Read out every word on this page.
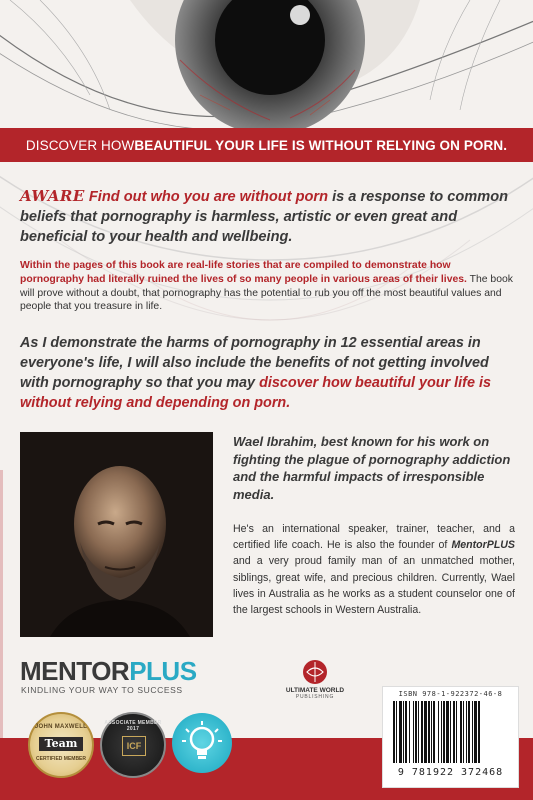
DISCOVER HOW BEAUTIFUL YOUR LIFE IS WITHOUT RELYING ON PORN.
AWARE Find out who you are without porn is a response to common beliefs that pornography is harmless, artistic or even great and beneficial to your health and wellbeing.
Within the pages of this book are real-life stories that are compiled to demonstrate how pornography had literally ruined the lives of so many people in various areas of their lives. The book will prove without a doubt, that pornography has the potential to rub you off the most beautiful values and people that you treasure in life.
As I demonstrate the harms of pornography in 12 essential areas in everyone's life, I will also include the benefits of not getting involved with pornography so that you may discover how beautiful your life is without relying and depending on porn.
Wael Ibrahim, best known for his work on fighting the plague of pornography addiction and the harmful impacts of irresponsible media.
He's an international speaker, trainer, teacher, and a certified life coach. He is also the founder of MentorPLUS and a very proud family man of an unmatched mother, siblings, great wife, and precious children. Currently, Wael lives in Australia as he works as a student counselor one of the largest schools in Western Australia.
MENTORPLUS
KINDLING YOUR WAY TO SUCCESS
JOHN MAXWELL
Team
CERTIFIED MEMBER
ASSOCIATE MEMBER 2017
ICF
ULTIMATE WORLD
PUBLISHING	ISBN 978-1-922372-46-8
9 781922 372468
